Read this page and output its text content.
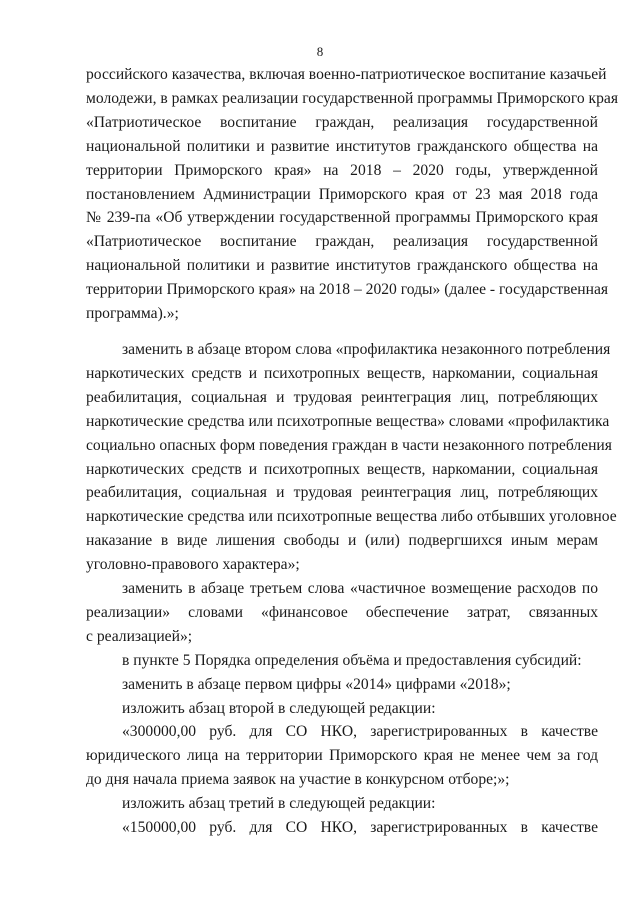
8
российского казачества, включая военно-патриотическое воспитание казачьей
молодежи, в рамках реализации государственной программы Приморского края
«Патриотическое воспитание граждан, реализация государственной
национальной политики и развитие институтов гражданского общества на
территории Приморского края» на 2018 – 2020 годы, утвержденной
постановлением Администрации Приморского края от 23 мая 2018 года
№ 239-па «Об утверждении государственной программы Приморского края
«Патриотическое воспитание граждан, реализация государственной
национальной политики и развитие институтов гражданского общества на
территории Приморского края» на 2018 – 2020 годы» (далее - государственная
программа).»;
заменить в абзаце втором слова «профилактика незаконного потребления
наркотических средств и психотропных веществ, наркомании, социальная
реабилитация, социальная и трудовая реинтеграция лиц, потребляющих
наркотические средства или психотропные вещества» словами «профилактика
социально опасных форм поведения граждан в части незаконного потребления
наркотических средств и психотропных веществ, наркомании, социальная
реабилитация, социальная и трудовая реинтеграция лиц, потребляющих
наркотические средства или психотропные вещества либо отбывших уголовное
наказание в виде лишения свободы и (или) подвергшихся иным мерам
уголовно-правового характера»;
заменить в абзаце третьем слова «частичное возмещение расходов по
реализации» словами «финансовое обеспечение затрат, связанных
с реализацией»;
в пункте 5 Порядка определения объёма и предоставления субсидий:
заменить в абзаце первом цифры «2014» цифрами «2018»;
изложить абзац второй в следующей редакции:
«300000,00 руб. для СО НКО, зарегистрированных в качестве
юридического лица на территории Приморского края не менее чем за год
до дня начала приема заявок на участие в конкурсном отборе;»;
изложить абзац третий в следующей редакции:
«150000,00 руб. для СО НКО, зарегистрированных в качестве
